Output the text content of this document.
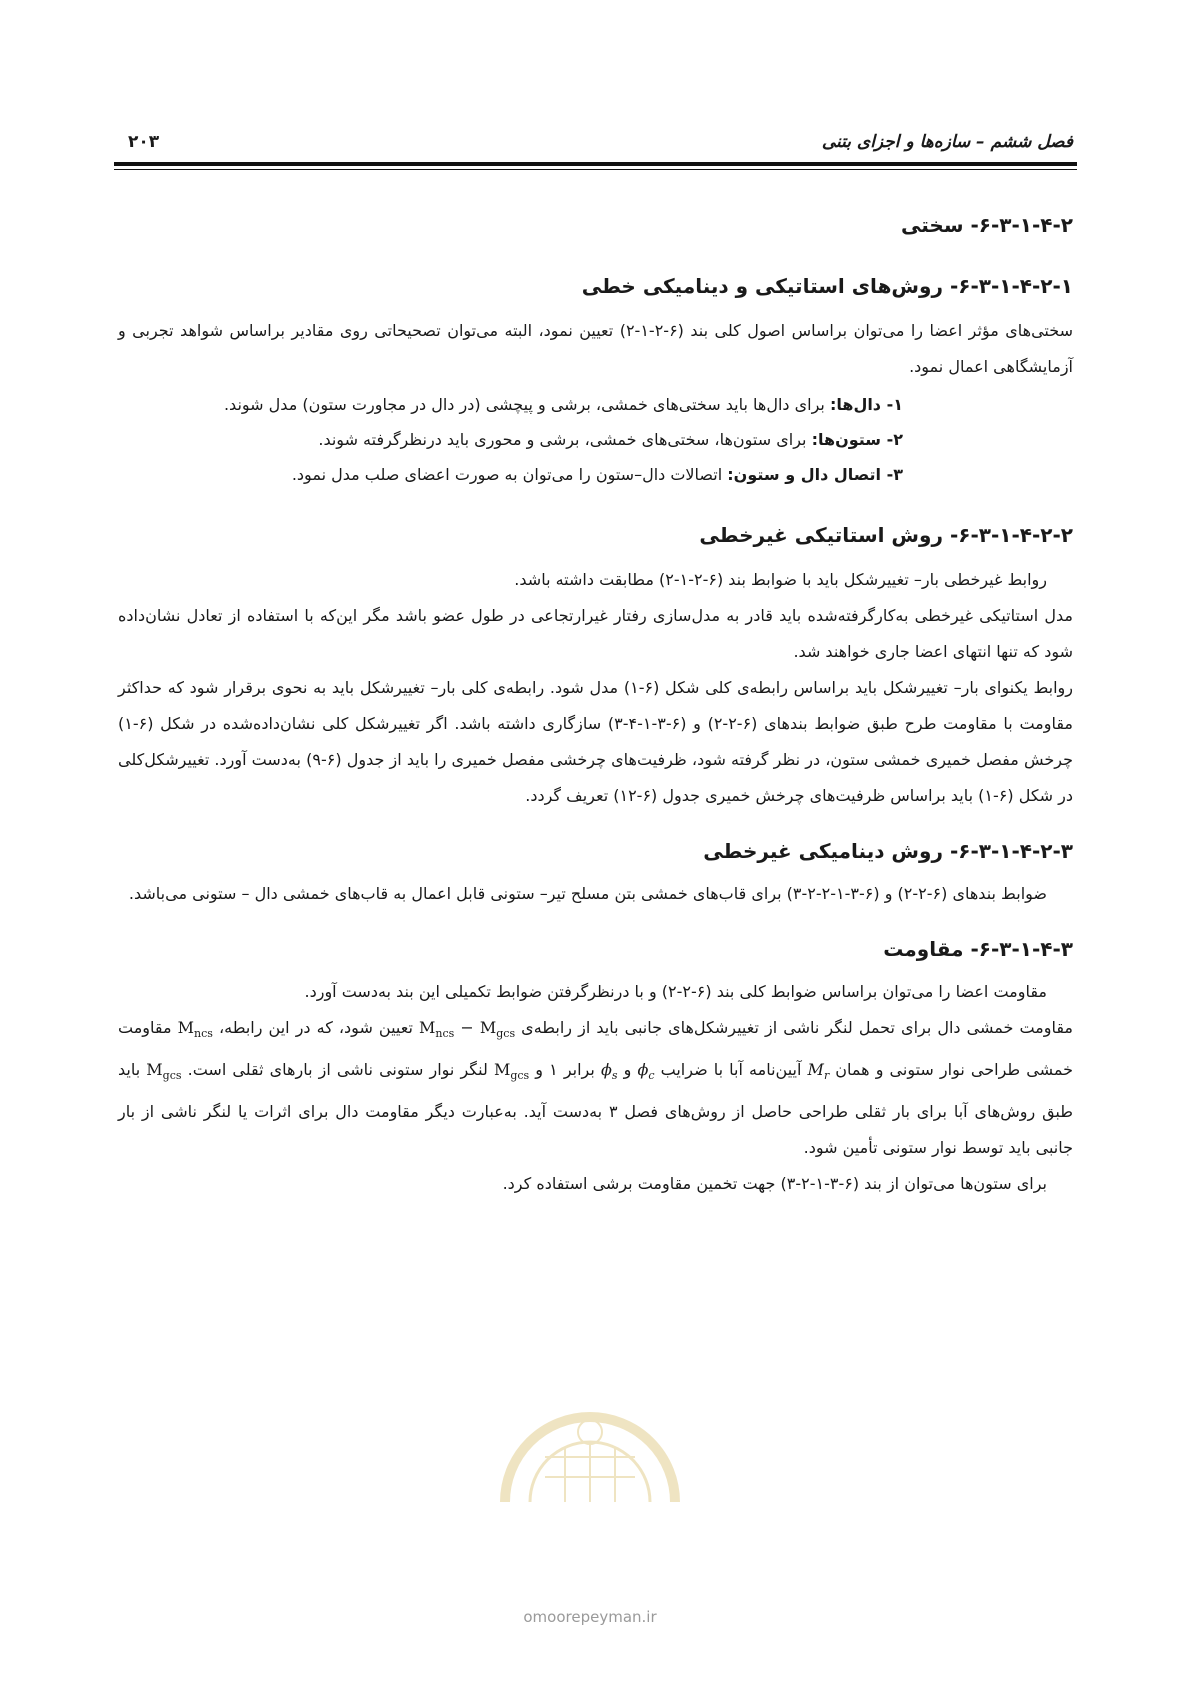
فصل ششم – سازه‌ها و اجزای بتنی
۲۰۳
۶-۳-۱-۴-۲- سختی
۶-۳-۱-۴-۲-۱- روش‌های استاتیکی و دینامیکی خطی

سختی‌های مؤثر اعضا را می‌توان براساس اصول کلی بند (۶-۲-۱-۲) تعیین نمود، البته می‌توان تصحیحاتی روی مقادیر براساس شواهد تجربی و آزمایشگاهی اعمال نمود.

۱- دال‌ها: برای دال‌ها باید سختی‌های خمشی، برشی و پیچشی (در دال در مجاورت ستون) مدل شوند.

۲- ستون‌ها: برای ستون‌ها، سختی‌های خمشی، برشی و محوری باید درنظرگرفته شوند.

۳- اتصال دال و ستون: اتصالات دال–ستون را می‌توان به صورت اعضای صلب مدل نمود.

۶-۳-۱-۴-۲-۲- روش استاتیکی غیرخطی

روابط غیرخطی بار– تغییرشکل باید با ضوابط بند (۶-۲-۱-۲) مطابقت داشته باشد.

مدل استاتیکی غیرخطی به‌کارگرفته‌شده باید قادر به مدل‌سازی رفتار غیرارتجاعی در طول عضو باشد مگر این‌که با استفاده از تعادل نشان‌داده شود که تنها انتهای اعضا جاری خواهند شد.

روابط یکنوای بار– تغییرشکل باید براساس رابطه‌ی کلی شکل (۶-۱) مدل شود. رابطه‌ی کلی بار– تغییرشکل باید به نحوی برقرار شود که حداکثر مقاومت با مقاومت طرح طبق ضوابط بندهای (۶-۲-۲) و (۶-۳-۱-۴-۳) سازگاری داشته باشد. اگر تغییرشکل کلی نشان‌داده‌شده در شکل (۶-۱) چرخش مفصل خمیری خمشی ستون، در نظر گرفته شود، ظرفیت‌های چرخشی مفصل خمیری را باید از جدول (۶-۹) به‌دست آورد. تغییرشکل‌کلی در شکل (۶-۱) باید براساس ظرفیت‌های چرخش خمیری جدول (۶-۱۲) تعریف گردد.

۶-۳-۱-۴-۲-۳- روش دینامیکی غیرخطی

ضوابط بندهای (۶-۲-۲) و (۶-۳-۱-۲-۲-۳) برای قاب‌های خمشی بتن مسلح تیر– ستونی قابل اعمال به قاب‌های خمشی دال – ستونی می‌باشد.

۶-۳-۱-۴-۳- مقاومت

مقاومت اعضا را می‌توان براساس ضوابط کلی بند (۶-۲-۲) و با درنظرگرفتن ضوابط تکمیلی این بند به‌دست آورد.

مقاومت خمشی دال برای تحمل لنگر ناشی از تغییرشکل‌های جانبی باید از رابطه‌ی $M_{ncs} - M_{gcs}$ تعیین شود، که در این رابطه، $M_{ncs}$ مقاومت خمشی طراحی نوار ستونی و همان $M_r$ آیین‌نامه آبا با ضرایب $\phi_c$ و $\phi_s$ برابر ۱ و $M_{gcs}$ لنگر نوار ستونی ناشی از بارهای ثقلی است. $M_{gcs}$ باید طبق روش‌های آبا برای بار ثقلی طراحی حاصل از روش‌های فصل ۳ به‌دست آید. به‌عبارت دیگر مقاومت دال برای اثرات یا لنگر ناشی از بار جانبی باید توسط نوار ستونی تأمین شود.

برای ستون‌ها می‌توان از بند (۶-۳-۱-۲-۳) جهت تخمین مقاومت برشی استفاده کرد.

omoorepeyman.ir
